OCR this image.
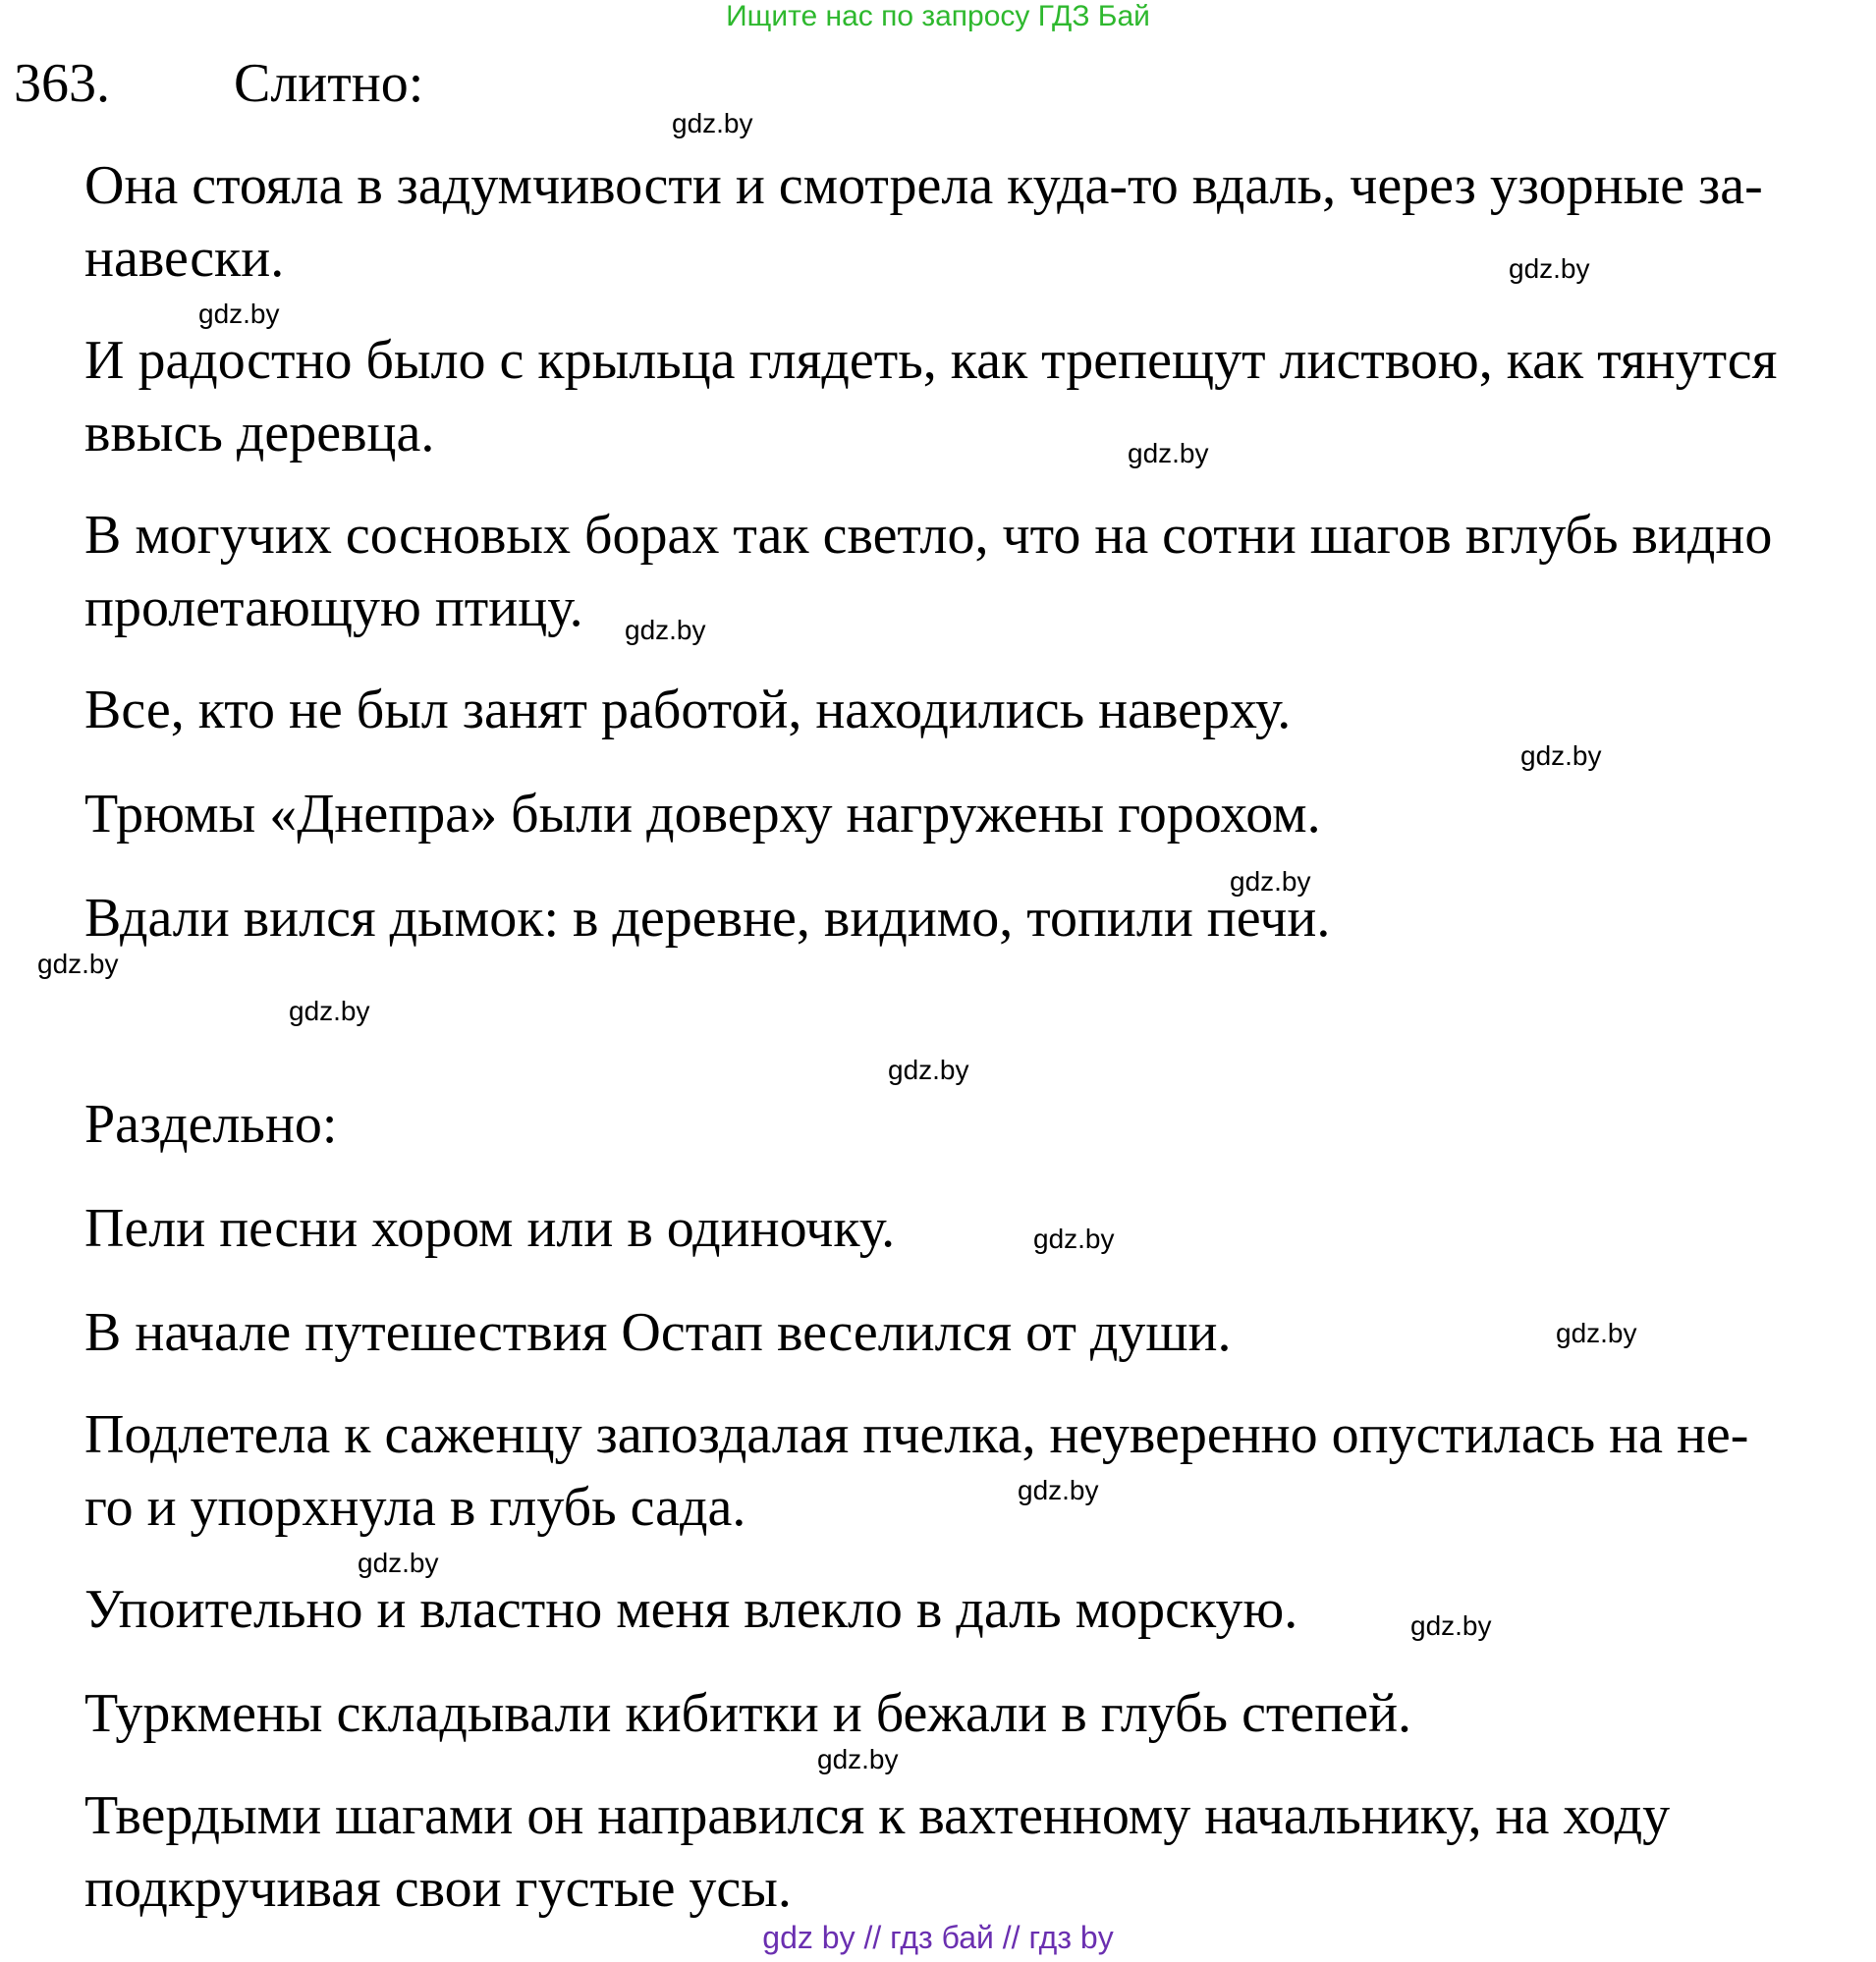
Ищите нас по запросу ГДЗ Бай
363. Слитно:
Она стояла в задумчивости и смотрела куда-то вдаль, через узорные за-
навески.
И радостно было с крыльца глядеть, как трепещут листвою, как тянутся
ввысь деревца.
В могучих сосновых борах так светло, что на сотни шагов вглубь видно
пролетающую птицу.
Все, кто не был занят работой, находились наверху.
Трюмы «Днепра» были доверху нагружены горохом.
Вдали вился дымок: в деревне, видимо, топили печи.
Раздельно:
Пели песни хором или в одиночку.
В начале путешествия Остап веселился от души.
Подлетела к саженцу запоздалая пчелка, неуверенно опустилась на не-
го и упорхнула в глубь сада.
Упоительно и властно меня влекло в даль морскую.
Туркмены складывали кибитки и бежали в глубь степей.
Твердыми шагами он направился к вахтенному начальнику, на ходу
подкручивая свои густые усы.
gdz.by
gdz.by
gdz.by
gdz.by
gdz.by
gdz.by
gdz.by
gdz.by
gdz.by
gdz.by
gdz.by
gdz.by
gdz.by
gdz.by
gdz.by
gdz.by
gdz by // гдз бай // гдз by
